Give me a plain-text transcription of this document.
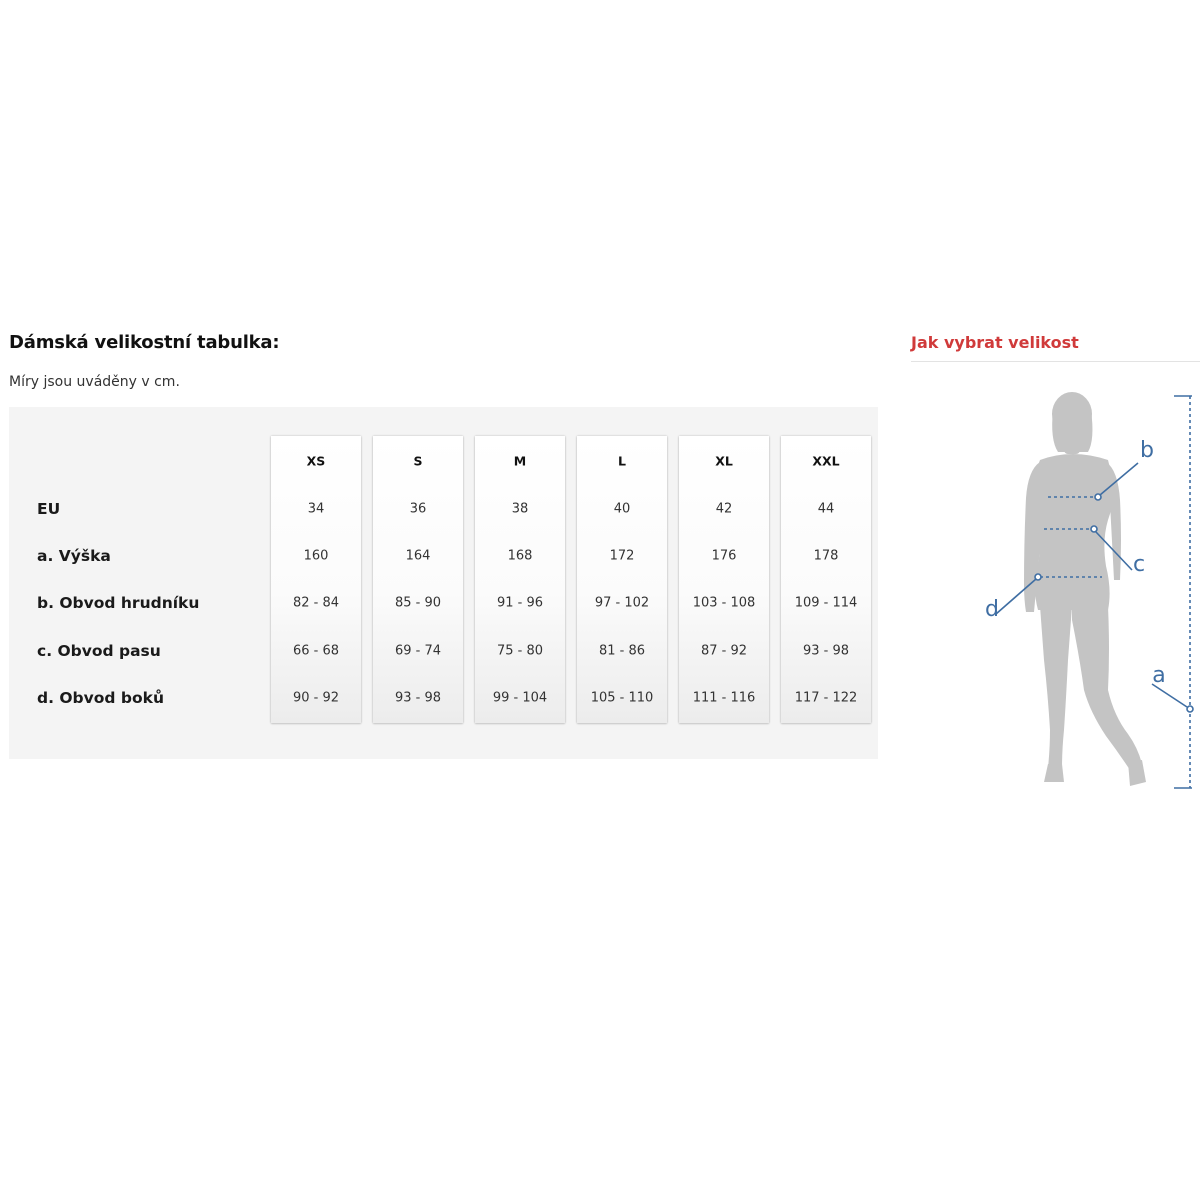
Dámská velikostní tabulka:
Míry jsou uváděny v cm.
EU
a. Výška
b. Obvod hrudníku
c. Obvod pasu
d. Obvod boků
XS
34
160
82 - 84
66 - 68
90 - 92
S
36
164
85 - 90
69 - 74
93 - 98
M
38
168
91 - 96
75 - 80
99 - 104
L
40
172
97 - 102
81 - 86
105 - 110
XL
42
176
103 - 108
87 - 92
111 - 116
XXL
44
178
109 - 114
93 - 98
117 - 122
Jak vybrat velikost
b
c
d
a
